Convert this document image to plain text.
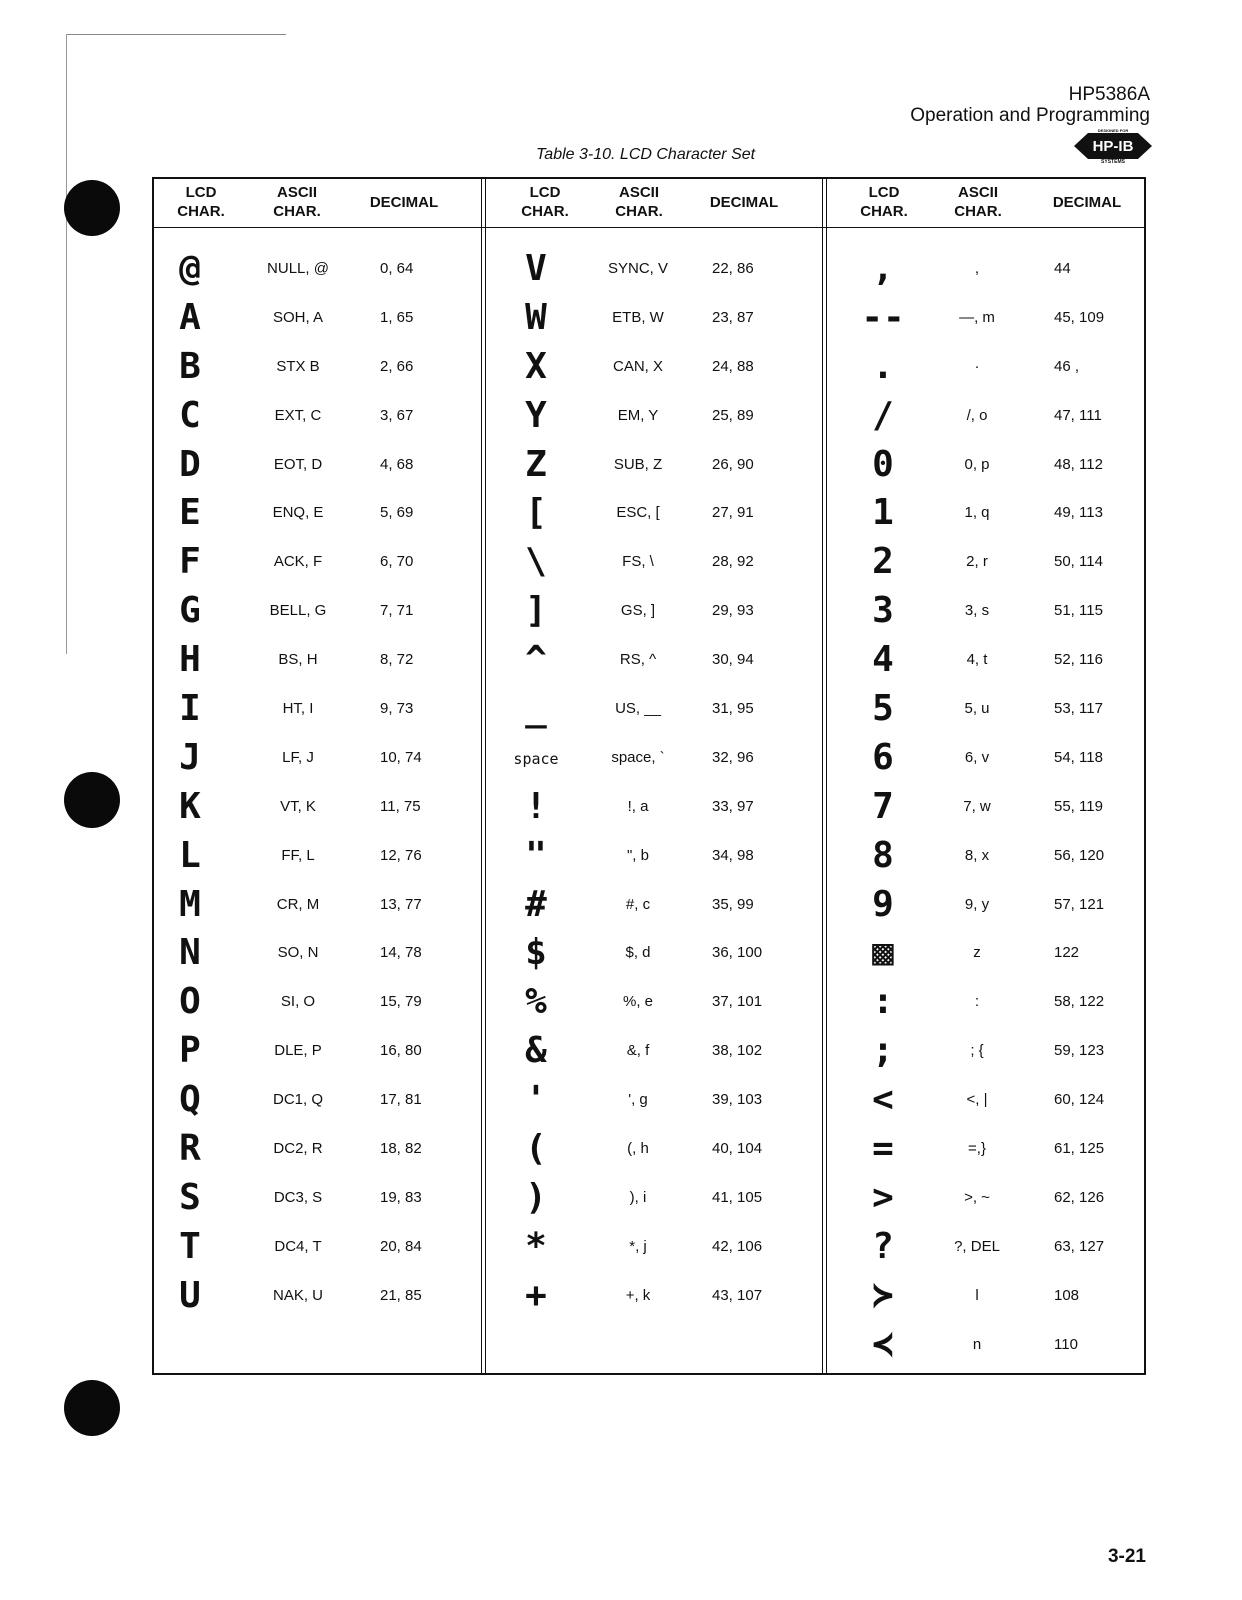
HP5386A
Operation and Programming
DESIGNED FOR
HP-IB
SYSTEMS
Table 3-10. LCD Character Set
LCD CHAR.
ASCII CHAR.
DECIMAL
@	NULL, @	0, 64
A	SOH, A	1, 65
B	STX B	2, 66
C	EXT, C	3, 67
D	EOT, D	4, 68
E	ENQ, E	5, 69
F	ACK, F	6, 70
G	BELL, G	7, 71
H	BS, H	8, 72
I	HT, I	9, 73
J	LF, J	10, 74
K	VT, K	11, 75
L	FF, L	12, 76
M	CR, M	13, 77
N	SO, N	14, 78
O	SI, O	15, 79
P	DLE, P	16, 80
Q	DC1, Q	17, 81
R	DC2, R	18, 82
S	DC3, S	19, 83
T	DC4, T	20, 84
U	NAK, U	21, 85
LCD CHAR.
ASCII CHAR.
DECIMAL
V	SYNC, V	22, 86
W	ETB, W	23, 87
X	CAN, X	24, 88
Y	EM, Y	25, 89
Z	SUB, Z	26, 90
[	ESC, [	27, 91
\	FS, \	28, 92
]	GS, ]	29, 93
^	RS, ^	30, 94
_	US, __	31, 95
space	space, `	32, 96
!	!, a	33, 97
"	", b	34, 98
#	#, c	35, 99
$	$, d	36, 100
%	%, e	37, 101
&	&, f	38, 102
'	', g	39, 103
(	(, h	40, 104
)	), i	41, 105
*	*, j	42, 106
+	+, k	43, 107
LCD CHAR.
ASCII CHAR.
DECIMAL
,	,	44
--	—, m	45, 109
.	·	46 ,
/	/, o	47, 111
0	0, p	48, 112
1	1, q	49, 113
2	2, r	50, 114
3	3, s	51, 115
4	4, t	52, 116
5	5, u	53, 117
6	6, v	54, 118
7	7, w	55, 119
8	8, x	56, 120
9	9, y	57, 121
▩	z	122
:	:	58, 122
;	; {	59, 123
<	<, |	60, 124
=	=,}	61, 125
>	>, ~	62, 126
?	?, DEL	63, 127
≻	l	108
≺	n	110
3-21
